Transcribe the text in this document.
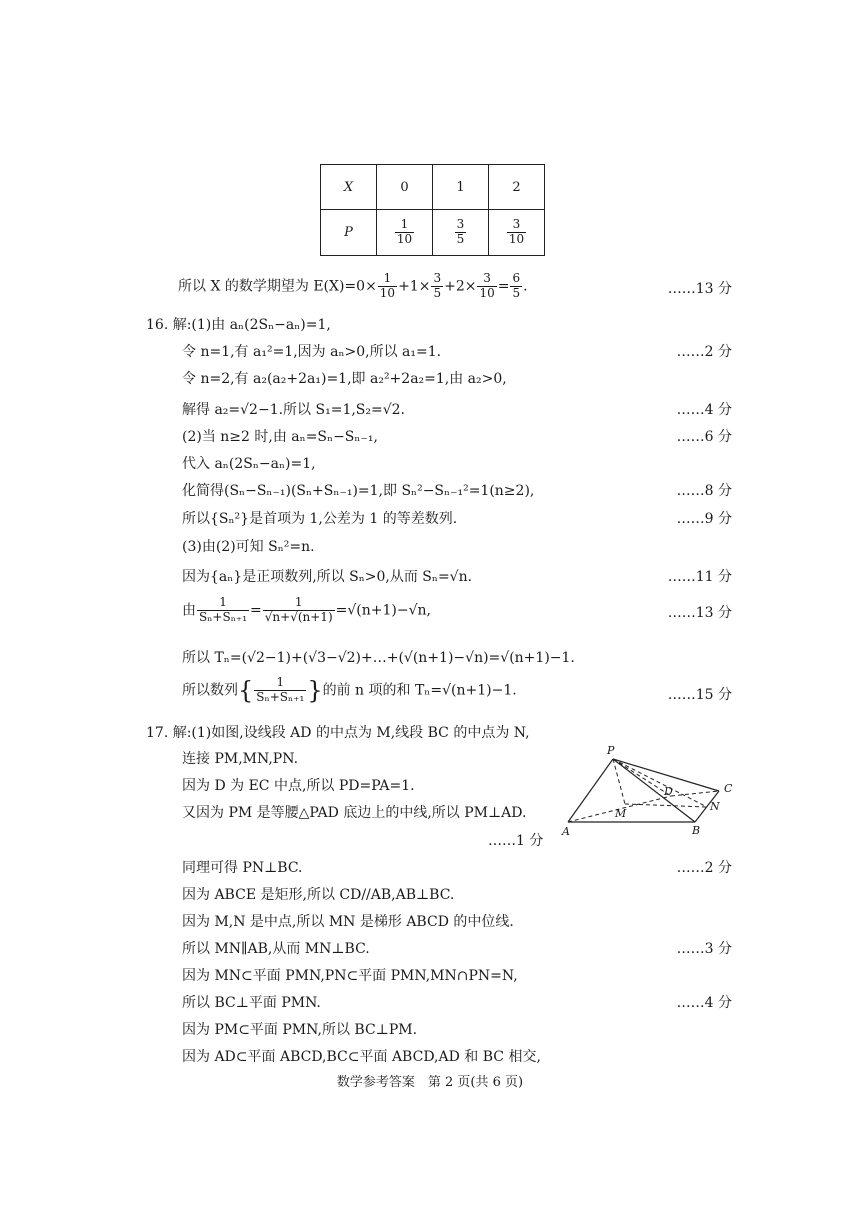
X	0	1	2
P	$\frac{1}{10}$	$\frac{3}{5}$	$\frac{3}{10}$
所以 X 的数学期望为 $E(X)=0\times \frac{1}{10} +1\times \frac{3}{5} +2\times \frac{3}{10} = \frac{6}{5}$ .	……13 分
16. 解:(1)由 aₙ(2Sₙ−aₙ)=1,
令 n=1,有 a₁²=1,因为 aₙ>0,所以 a₁=1.	……2 分
令 n=2,有 a₂(a₂+2a₁)=1,即 a₂²+2a₂=1,由 a₂>0,
解得 a₂=√2−1.所以 S₁=1,S₂=√2.	……4 分
(2)当 n≥2 时,由 aₙ=Sₙ−Sₙ₋₁,	……6 分
代入 aₙ(2Sₙ−aₙ)=1,
化简得(Sₙ−Sₙ₋₁)(Sₙ+Sₙ₋₁)=1,即 Sₙ²−Sₙ₋₁²=1(n≥2),	……8 分
所以{Sₙ²}是首项为 1,公差为 1 的等差数列.	……9 分
(3)由(2)可知 Sₙ²=n.
因为{aₙ}是正项数列,所以 Sₙ>0,从而 Sₙ=√n.	……11 分
由 $\frac{1}{\text{Sₙ+Sₙ₊₁}} = \frac{1}{√n+√(n+1)} =√(n+1)-√n$,	……13 分
所以 Tₙ=(√2−1)+(√3−√2)+…+(√(n+1)−√n)=√(n+1)−1.
所以数列{ $\frac{1}{\text{Sₙ+Sₙ₊₁}}$ }的前 n 项的和 Tₙ=√(n+1)−1.	……15 分
17. 解:(1)如图,设线段 AD 的中点为 M,线段 BC 的中点为 N,
连接 PM,MN,PN.
因为 D 为 EC 中点,所以 PD=PA=1.
又因为 PM 是等腰△PAD 底边上的中线,所以 PM⊥AD.
……1 分
同理可得 PN⊥BC.	……2 分
因为 ABCE 是矩形,所以 CD//AB,AB⊥BC.
因为 M,N 是中点,所以 MN 是梯形 ABCD 的中位线.
所以 MN∥AB,从而 MN⊥BC.	……3 分
因为 MN⊂平面 PMN,PN⊂平面 PMN,MN∩PN=N,
所以 BC⊥平面 PMN.	……4 分
因为 PM⊂平面 PMN,所以 BC⊥PM.
因为 AD⊂平面 ABCD,BC⊂平面 ABCD,AD 和 BC 相交,
P
A	B
C
D
M
N
数学参考答案　第 2 页(共 6 页)
